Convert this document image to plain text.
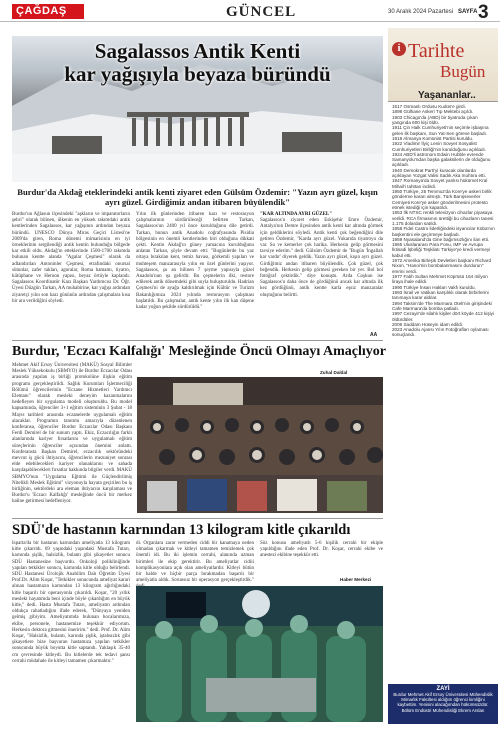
ÇAĞDAŞ	GÜNCEL	30 Aralık 2024 Pazartesi SAYFA 3
Sagalassos Antik Kenti
kar yağışıyla beyaza büründü
Burdur'da Akdağ eteklerindeki antik kenti ziyaret eden Gülsüm Özdemir: "Yazın ayrı güzel, kışın ayrı güzel. Girdiğimiz andan itibaren büyülendik"
Burdur'un Ağlasun ilçesindeki "aşkların ve imparatorların şehri" olarak bilinen, ülkenin en yüksek rakımdaki antik kentlerinden Sagalassos, kar yağışının ardından beyaza büründü. UNESCO Dünya Miras Geçici Listesi'ne 2009'da giren, Roma dönemi mimarisinin en iyi örneklerinin sergilendiği antik kentin bulunduğu bölgede kar etkili oldu. Akdağ'ın etteklerinde 1500-1700 rakımda bulunan kentte alanda "Agalar Çeşmesi" olarak da adlandırılan Antoninler Çeşmesi, etrafındaki onursal sütunlar, zafer takları, agoralar, Roma hamamı, tiyatro, kütüphane ve Heroon yapısı, beyaz örtüyle kaplandı. Sagalassos Koordinatör Kazı Başkan Yardımcısı Dr. Öğr. Üyesi Düzgün Tarkan, AA muhabirine, kar yağışı ardından ziyaretçi yılın son kazı gününün ardından çalışmalara kısa bir ara verildiğini söyledi.
Yılın ilk günlerinden itibaren kazı ve restorasyon çalışmalarının sürdürüleceği belirten Tarkan, Sagalassos'un 2400 yıl önce kurulduğunu dile getirdi. Tarkan, bunun antik Anadolu coğrafyasında Pisidia bölgesinin en önemli kentlerinden biri olduğuna dikkati çekti. Kentin Akdağ'ın güney yamacına kurulduğunu anlatan Tarkan, şöyle devam etti: "Bugünlerde bu yaz ortaya bırakılan kent, temiz havası, görkemli yapıları ve muhteşem manzarasıyla yılın en özel günlerini yaşıyor. Sagalassos, şu an bilinen 7 şeyme yapısıyla güzel Anadolu'nun ışı gelirdir. Bu çeşmelerin ilki, restore edilerek antik dönemdeki gibi suyla buluşturuldu. Hadrian Çeşmesi'ni de ayağa kaldırılmak için Kültür ve Turizm Bakanlığımıza 2024 yılında restorasyon çalışması başlatıldı. Bu çalışmalar, antik kente yılın ilk kan düşene kadar yoğun şekilde sürdürüldü."
"KAR ALTINDA AYRI GÜZEL"
Sagalassos'u ziyaret eden Eskişehir Emre Özdemir, Antalya'nın Demre ilçesinden antik kenti kar altında görmek için geldiklerini söyledi. Antik kenti çok beğendiğini dile getiren Özdemir, "Karda ayrı güzel. Yukarıda tiyatroyu da var. Su ve kemerler çok harika. Herkesin gelip görmesini tavsiye ederim." dedi. Gülsüm Özdemir de "Bugün 'İngallah kar vardır' diyerek geldik. Yazın ayrı güzel, kışın ayrı güzel. Girdiğimiz andan itibaren büyülendik. Çok güzel, çok beğendik. Herkesin gelip görmesi gereken bir yer. Bol bol fotoğraf çektirdik." diye konuştu. Arda Coşkun ise Sagalassos'u daha önce de gördüğünü ancak kar altında ilk kez gördüğünü, antik kentte karla eşsiz manzaralar oluştuğunu belirtti.
AA
Burdur, 'Eczacı Kalfalığı' Mesleğinde Öncü Olmayı Amaçlıyor
Mehmet Akif Ersoy Üniversitesi (MAKÜ) Sosyal Bilimler Meslek Yüksekokulu (SBMYO) ile Burdur Eczacılar Odası arasında yapılan iş birliği protokolüne ilişkin eğitim programı gerçekleştirildi. Sağlık Kurumları İşletmeciliği Bölümü öğrencilerinin "Eczane Hizmetleri Yardımcı Elemanı" olarak mesleki deneyim kazanmalarını hedefleyen bir uygulama modeli oluşturuldu. Bu model kapsamında, öğrenciler 3+1 eğitim sisteminin 3 Şubat - 18 Mayıs tarihleri arasında eczanelerde uygulamalı eğitim alacaklar. Programın tanıtımı amacıyla düzenlenen konferansa, öğrenciler Burdur Eczacılar Odası Başkanı Ferdi Demirel de bir sunum yaptı. Ekiz, Eczacılığın farklı alanlarında kariyer fırsatlarını ve uygulamalı eğitim süreçlerinin öğrenciler açısından önemini anlattı. Konferansta Başkan Demirel, eczacılık sektöründeki mevcut iş gücü ihtiyacını, öğrencilerin mezuniyet sonrası elde edebilecekleri kariyer olanaklarını ve sahada karşılaşabilecekleri fırsatlar hakkında bilgiler verdi. MAKÜ SBMYO'nun "Uygulama Eğitimi ile Güçlendirilmiş Nitelikli Meslek Eğitimi" vizyonuyla hayata geçirilen bu iş birliğinin, sektördeki ara eleman ihtiyacını karşılaması ve Burdur'u 'Eczacı Kalfalığı' mesleğinde öncü bir merkez haline getirmesi hedefleniyor.
Zuhal Daldal
SDÜ'de hastanın karnından 13 kilogram kitle çıkarıldı
Isparta'da bir hastanın karnından ameliyatla 13 kilogram kitle çıkarıldı. 69 yaşındaki yaşındaki Mustafa Tutarı, karnında şişlik, halsizlik, bulantı gibi şikayetler sonucu SDÜ Hastanesine başvurdu. Onkoloji polikliniğinde yapılan tetkikler sonucu, karnında kitle olduğu belirlendi. SDÜ Hastanesi Ürolojik Anabilim Dalı Öğretim Üyesi Prof.Dr. Alim Koşar, "Tetkikler sonucunda ameliyat karari alınan hastamızın karnından 13 kilogram ağırlığındaki kitle başarılı bir operasyonla çıkarıldı. Koşar, "20 yıllık mesleki hayatımda beni içinde böyle çıkardığım en büyük kitle," dedi. Hasta Mustafa Tutarı, ameliyatın ardından oldukça rahatladığını ifade ederek, "Dünyaya yeniden gelmiş gibiyim. Ameliyatımda bulunan hocalarımıza, ekibe, personele, hastanemize teşekkür ediyorum. Herkesin doktora gitmesini öneririm." dedi. Prof. Dr. Alim Koşar, "Halsizlik, bulantı, karında şişlik, iştahsızlık gibi şikayetlere bize başvuran hastamıza yapılan tetkikler sonucunda büyük boyutta kitle saptandı. Yaklaşık 35-40 cm çevresinde kitleydi. Bu kitlelerde tek tedavi şansı cerrahi müdahale ile kitleyi tamamen çıkarmaktır."
di. Organlara zarar vermeden ciddi bir kanamaya neden olmadan çıkarmak ve kitleyi tamamen temizlemek çok önemli idi. Bu iki işlemin cerrahi, alanında uzman birimleri ile ekip gerektirir. Bu ameliyatlar cidiii komplikasyonlara açık olan ameliyatlardır. Kitleyi bütün bir halde ve hiçbir parça bırakmadan başarılı bir ameliyatla aldık. Sorunsuz bir operasyon gerçekleştirdik."
Söz konusu ameliyatlı 5-6 kişilik cerrahi bir ekiple yapıldığını ifade eden Prof. Dr. Koşar, cerrahi ekibe ve anestezi ekibine teşekkür etti.
Haber Merkezi
i Tarihte
Bugün
Yaşananlar..
1517 Osmanlı Ordusu Kudüs'e girdi.
1898 Gülhane Askeri Tıp Mektebi açıldı.
1903 Chicago'da (ABD) bir tiyatroda çıkan yangında 600 kişi öldü.
1911 Çin Halk Cumhuriyeti'nin seçimle işbaşına gelen ilk başkanı, Sun Yat-Sen göreve başladı.
1918 Almanya Komünist Partisi kuruldu.
1922 Vladimir İlyiç Lenin Sovyet Sosyalist Cumhuriyetleri Birliği'nin kurulduğunu açıkladı.
1924 ABD'li astronom Edwin Hubble evrende Samanyolu'ndan başka galaksilerin de olduğunu açıkladı.
1940 Demokrat Parti'yi kuracak olanlarda açıklayan Yozgat Valisi Sadık Aka muhtıra etti.
1947 Romanya'da Sovyet yanlısı hükümet Kral Mihail'i tahttan indirdi.
1950 Türkiye, 25 Temmuz'da Kore'ye askeri birlik gönderme kararı almıştı. Türk Barışseverler Cemiyeti Kore'ye asker gönderilmesini protesto etmek istediği için kapatıldı.
1953 İlk NTSC renkli televizyon cihazlar piyasaya verildi. RCA firmasının ürettiği bu cihazların tanesi 1.175 dolardan satıldı.
1958 Fidel Castro liderliğindeki isyancılar Küba'nın başkentini ele geçirmeye başladı.
1959 Nyasaland'da Gine bağımsızlığını ilan etti.
1965 Uluslararası Para Fonu, IMF ve Avrupa İktisadi İşbirliği Teşkilatı Türkiye'ye kredi vermeyi kabul etti.
1972 Amerika Birleşik Devletleri başkanı Richard Nixon, "Hanoi'nin bombalanmasını durdurun" emrini verdi.
1977 Fatih Sultan Mehmet Köprüsü 164 milyon liraya ihale edildi.
1990 Türkiye İnsan Hakları Vakfı kuruldu.
1993 İsrail ve Vatikan karşılıklı olarak birbirlerini tanımaya karar aldılar.
1994 Taksim'de The Marmara Oteli'nin girişindeki Cafe Marmara'da bomba patladı.
1997 Cezayir'de silahlı kişiler dört köyde 412 kişiyi öldürdüler.
2006 Saddam Hüseyin idam edildi.
2023 Anadolu Ajansı Yılın Fotoğrafları oylaması sonuçlandı.
ZAYİ
Burdur Mehmet Akif Ersoy Üniversitesi Mühendislik Mimarlık Fakültesi aldığım öğrenci kimliğini kaybettim. Yenisini alacağımdan hükümsüzdür. Bölüm Endüstri Mühendisliği Ekrem Arslan
